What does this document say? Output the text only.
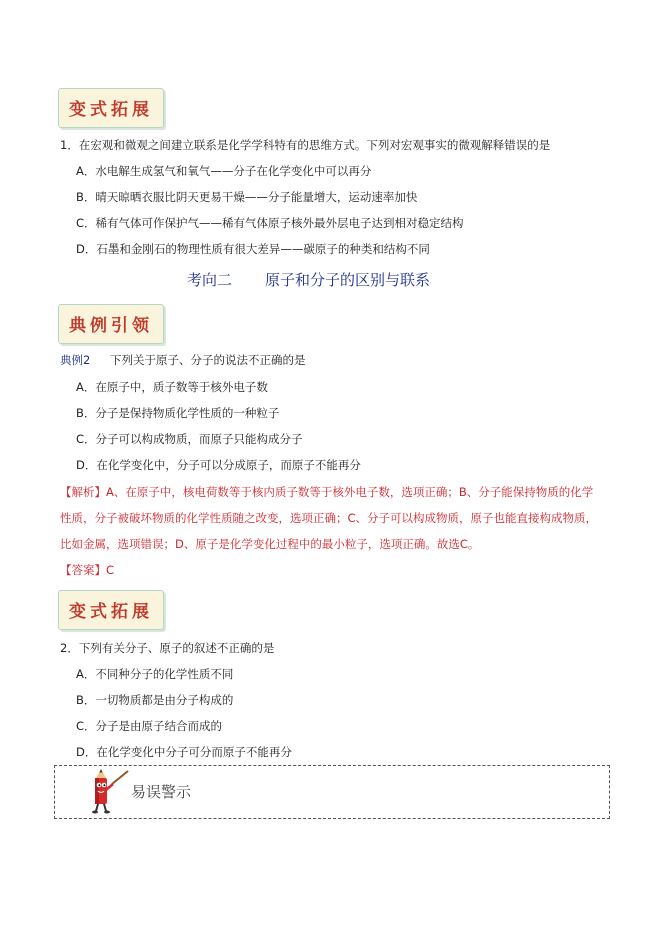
变式拓展
1．在宏观和微观之间建立联系是化学学科特有的思维方式。下列对宏观事实的微观解释错误的是
A．水电解生成氢气和氧气——分子在化学变化中可以再分
B．晴天晾晒衣服比阴天更易干燥——分子能量增大，运动速率加快
C．稀有气体可作保护气——稀有气体原子核外最外层电子达到相对稳定结构
D．石墨和金刚石的物理性质有很大差异——碳原子的种类和结构不同
考向二 原子和分子的区别与联系
典例引领
典例2 下列关于原子、分子的说法不正确的是
A．在原子中，质子数等于核外电子数
B．分子是保持物质化学性质的一种粒子
C．分子可以构成物质，而原子只能构成分子
D．在化学变化中，分子可以分成原子，而原子不能再分
【解析】A、在原子中，核电荷数等于核内质子数等于核外电子数，选项正确；B、分子能保持物质的化学
性质，分子被破坏物质的化学性质随之改变，选项正确；C、分子可以构成物质，原子也能直接构成物质，
比如金属，选项错误；D、原子是化学变化过程中的最小粒子，选项正确。故选C。
【答案】C
变式拓展
2．下列有关分子、原子的叙述不正确的是
A．不同种分子的化学性质不同
B．一切物质都是由分子构成的
C．分子是由原子结合而成的
D．在化学变化中分子可分而原子不能再分
易误警示
